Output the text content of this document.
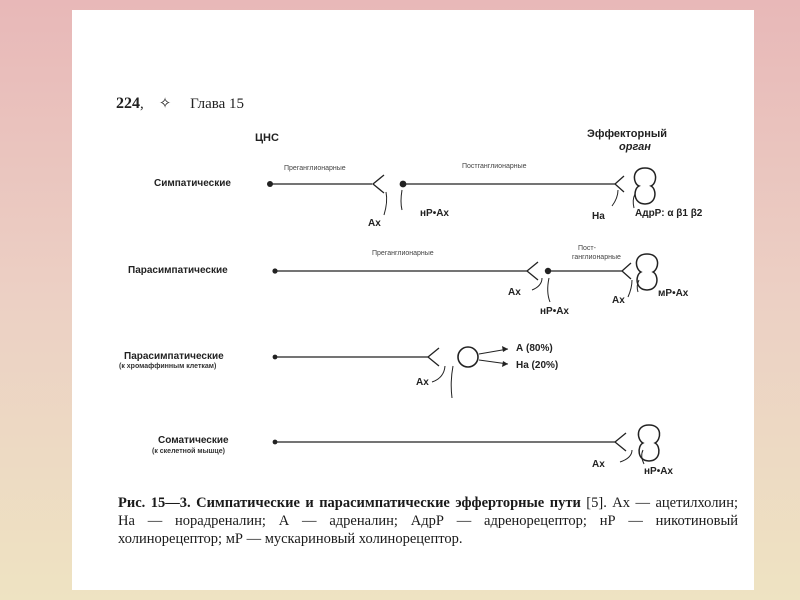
224,    ✧ Глава 15
ЦНС	Эффекторный
орган
Симпатические
Преганглионарные	Постганглионарные
Ах
нР•Ах	На	АдрР: α β1 β2
Парасимпатические
Преганглионарные
Пост-
ганглионарные
Ах
нР•Ах
Ах
мР•Ах
Парасимпатические
(к хромаффинным клеткам)
Ах
А (80%)
На (20%)
Соматические
(к скелетной мышце)
Ах
нР•Ах
Рис. 15—3. Симпатические и парасимпатические эфферторные пути [5]. Ах — ацетилхолин; На — норадреналин; А — адреналин; АдрР — адренорецептор; нР — никотиновый холинорецептор; мР — мускариновый холинорецептор.
